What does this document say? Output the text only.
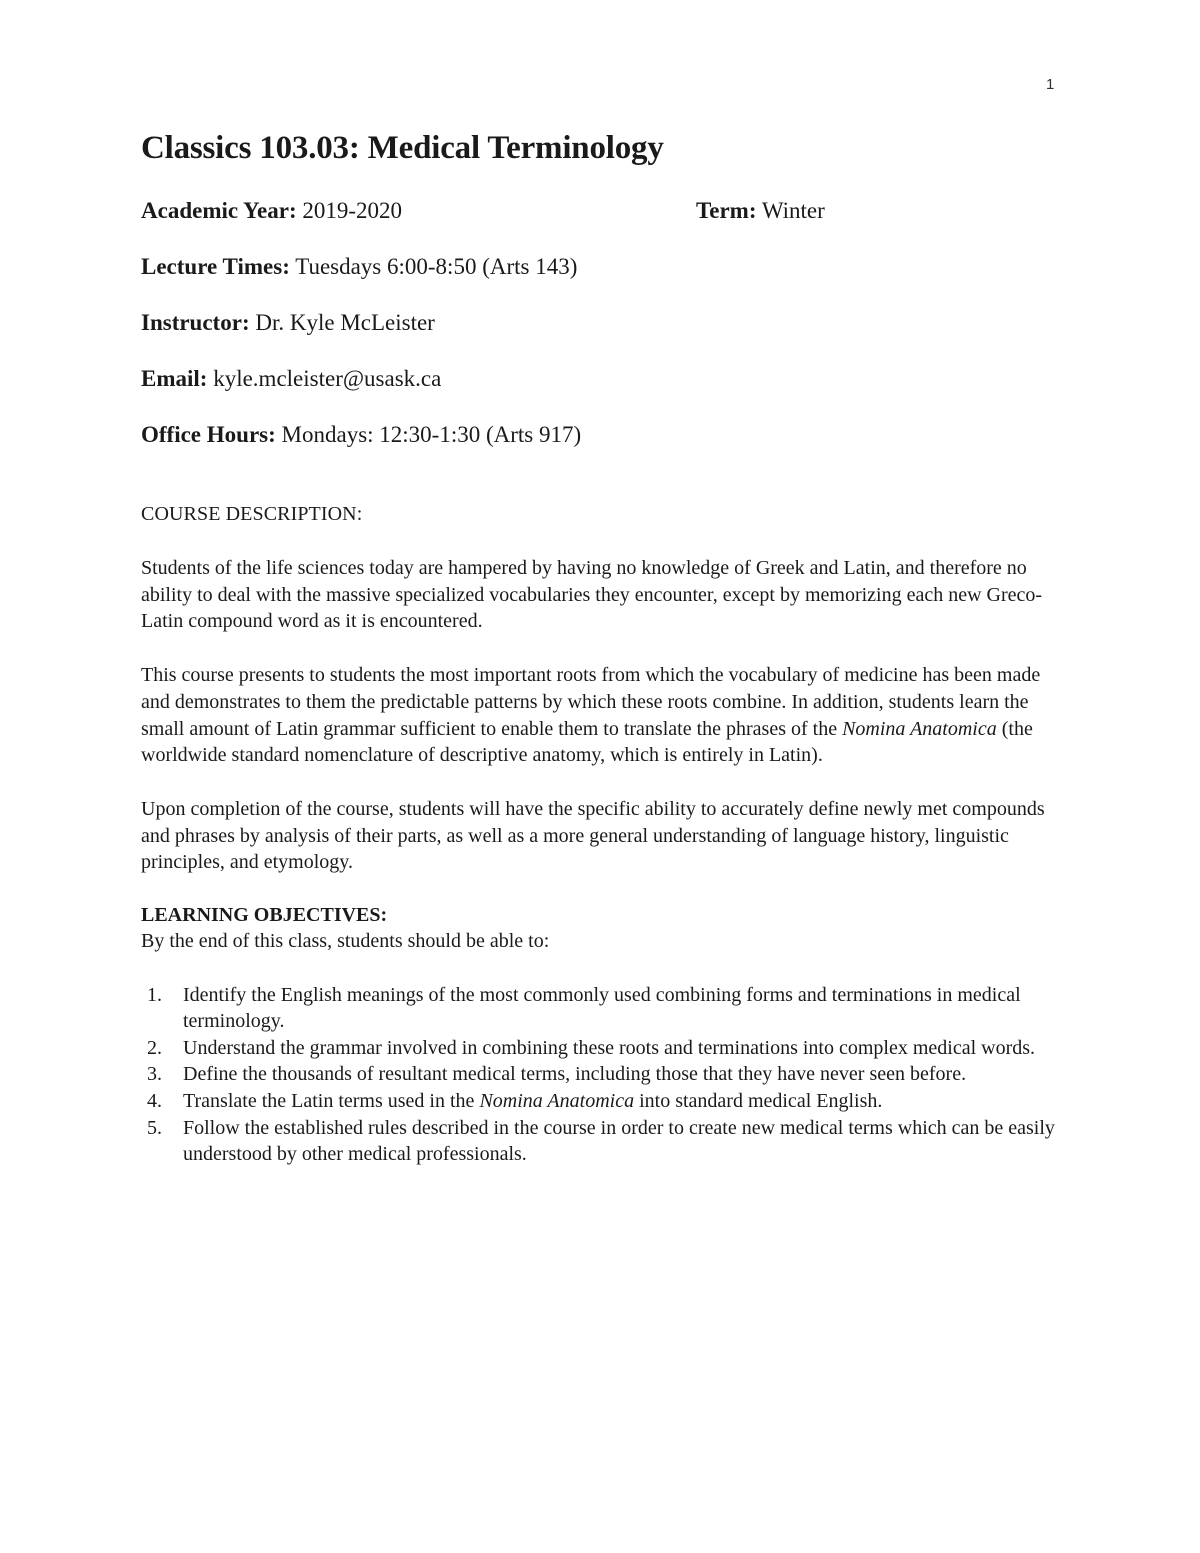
1
Classics 103.03: Medical Terminology
Academic Year: 2019-2020	Term: Winter
Lecture Times: Tuesdays 6:00-8:50 (Arts 143)
Instructor: Dr. Kyle McLeister
Email: kyle.mcleister@usask.ca
Office Hours: Mondays: 12:30-1:30 (Arts 917)
COURSE DESCRIPTION:

Students of the life sciences today are hampered by having no knowledge of Greek and Latin, and therefore no ability to deal with the massive specialized vocabularies they encounter, except by memorizing each new Greco-Latin compound word as it is encountered.

This course presents to students the most important roots from which the vocabulary of medicine has been made and demonstrates to them the predictable patterns by which these roots combine. In addition, students learn the small amount of Latin grammar sufficient to enable them to translate the phrases of the Nomina Anatomica (the worldwide standard nomenclature of descriptive anatomy, which is entirely in Latin).

Upon completion of the course, students will have the specific ability to accurately define newly met compounds and phrases by analysis of their parts, as well as a more general understanding of language history, linguistic principles, and etymology.

LEARNING OBJECTIVES:

By the end of this class, students should be able to:

1. Identify the English meanings of the most commonly used combining forms and terminations in medical terminology.
2. Understand the grammar involved in combining these roots and terminations into complex medical words.
3. Define the thousands of resultant medical terms, including those that they have never seen before.
4. Translate the Latin terms used in the Nomina Anatomica into standard medical English.
5. Follow the established rules described in the course in order to create new medical terms which can be easily understood by other medical professionals.
